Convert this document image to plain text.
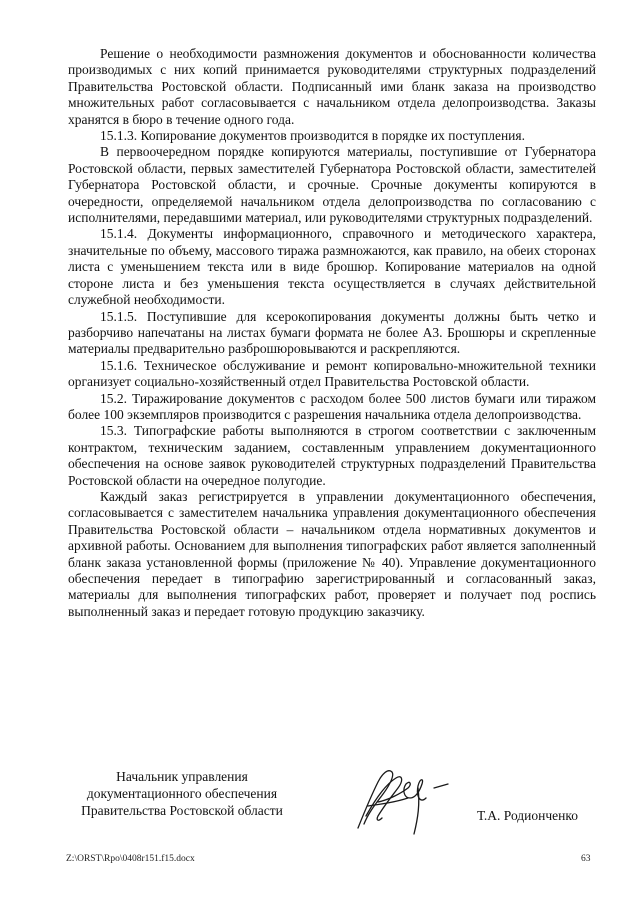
Решение о необходимости размножения документов и обоснованности количества производимых с них копий принимается руководителями структурных подразделений Правительства Ростовской области. Подписанный ими бланк заказа на производство множительных работ согласовывается с начальником отдела делопроизводства. Заказы хранятся в бюро в течение одного года.

15.1.3. Копирование документов производится в порядке их поступления.

В первоочередном порядке копируются материалы, поступившие от Губернатора Ростовской области, первых заместителей Губернатора Ростовской области, заместителей Губернатора Ростовской области, и срочные. Срочные документы копируются в очередности, определяемой начальником отдела делопроизводства по согласованию с исполнителями, передавшими материал, или руководителями структурных подразделений.

15.1.4. Документы информационного, справочного и методического характера, значительные по объему, массового тиража размножаются, как правило, на обеих сторонах листа с уменьшением текста или в виде брошюр. Копирование материалов на одной стороне листа и без уменьшения текста осуществляется в случаях действительной служебной необходимости.

15.1.5. Поступившие для ксерокопирования документы должны быть четко и разборчиво напечатаны на листах бумаги формата не более А3. Брошюры и скрепленные материалы предварительно разброшюровываются и раскрепляются.

15.1.6. Техническое обслуживание и ремонт копировально-множительной техники организует социально-хозяйственный отдел Правительства Ростовской области.

15.2. Тиражирование документов с расходом более 500 листов бумаги или тиражом более 100 экземпляров производится с разрешения начальника отдела делопроизводства.

15.3. Типографские работы выполняются в строгом соответствии с заключенным контрактом, техническим заданием, составленным управлением документационного обеспечения на основе заявок руководителей структурных подразделений Правительства Ростовской области на очередное полугодие.

Каждый заказ регистрируется в управлении документационного обеспечения, согласовывается с заместителем начальника управления документационного обеспечения Правительства Ростовской области – начальником отдела нормативных документов и архивной работы. Основанием для выполнения типографских работ является заполненный бланк заказа установленной формы (приложение № 40). Управление документационного обеспечения передает в типографию зарегистрированный и согласованный заказ, материалы для выполнения типографских работ, проверяет и получает под роспись выполненный заказ и передает готовую продукцию заказчику.

Начальник управления
документационного обеспечения
Правительства Ростовской области	Т.А. Родионченко
Z:\ORST\Rpo\0408r151.f15.docx	63
